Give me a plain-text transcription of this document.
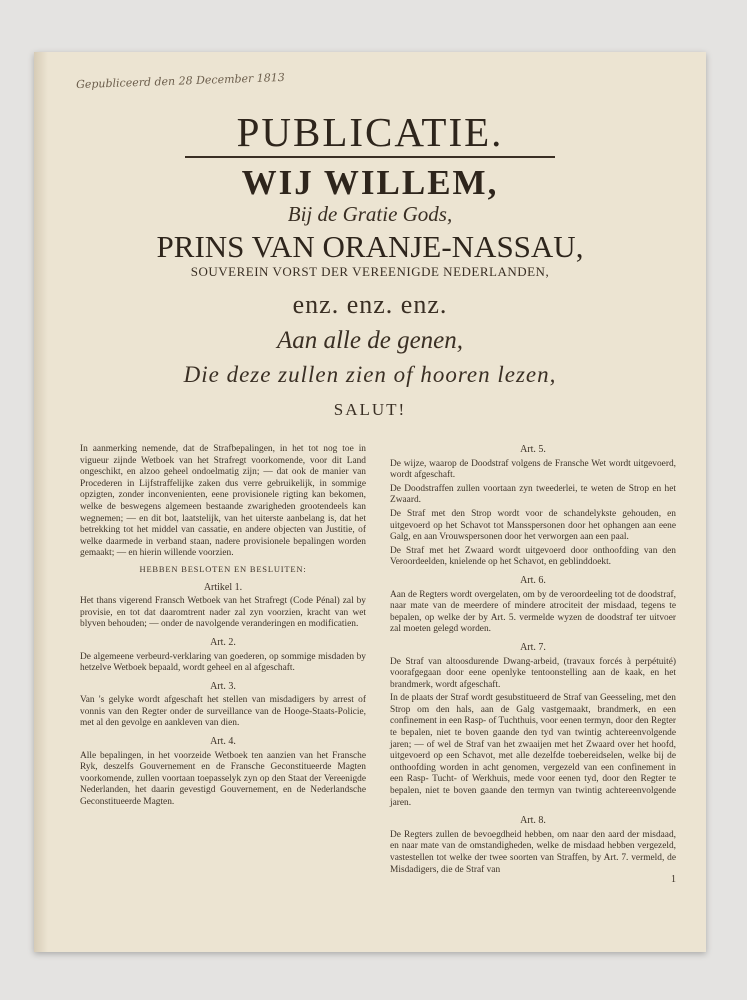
Gepubliceerd den 28 December 1813
PUBLICATIE.
WIJ WILLEM,
Bij de Gratie Gods,
PRINS VAN ORANJE-NASSAU,
SOUVEREIN VORST DER VEREENIGDE NEDERLANDEN,
enz. enz. enz.
Aan alle de genen,
Die deze zullen zien of hooren lezen,
SALUT!

In aanmerking nemende, dat de Strafbepalingen, in het tot nog toe in vigueur zijnde Wetboek van het Strafregt voorkomende, voor dit Land ongeschikt, en alzoo geheel ondoelmatig zijn; — dat ook de manier van Procederen in Lijfstraffelijke zaken dus verre gebruikelijk, in sommige opzigten, zonder inconvenienten, eene provisionele rigting kan bekomen, welke de beswegens algemeen bestaande zwarigheden grootendeels kan wegnemen; — en dit bot, laatstelijk, van het uiterste aanbelang is, dat het betrekking tot het middel van cassatie, en andere objecten van Justitie, of welke daarmede in verband staan, nadere provisionele bepalingen worden gemaakt; — en hierin willende voorzien.

HEBBEN BESLOTEN EN BESLUITEN:
Artikel 1.

Het thans vigerend Fransch Wetboek van het Strafregt (Code Pénal) zal by provisie, en tot dat daaromtrent nader zal zyn voorzien, kracht van wet blyven behouden; — onder de navolgende veranderingen en modificatien.

Art. 2.

De algemeene verbeurd-verklaring van goederen, op sommige misdaden by hetzelve Wetboek bepaald, wordt geheel en al afgeschaft.

Art. 3.

Van 's gelyke wordt afgeschaft het stellen van misdadigers by arrest of vonnis van den Regter onder de surveillance van de Hooge-Staats-Policie, met al den gevolge en aankleven van dien.

Art. 4.

Alle bepalingen, in het voorzeide Wetboek ten aanzien van het Fransche Ryk, deszelfs Gouvernement en de Fransche Geconstitueerde Magten voorkomende, zullen voortaan toepasselyk zyn op den Staat der Vereenigde Nederlanden, het daarin gevestigd Gouvernement, en de Nederlandsche Geconstitueerde Magten.

Art. 5.

De wijze, waarop de Doodstraf volgens de Fransche Wet wordt uitgevoerd, wordt afgeschaft.

De Doodstraffen zullen voortaan zyn tweederlei, te weten de Strop en het Zwaard.

De Straf met den Strop wordt voor de schandelykste gehouden, en uitgevoerd op het Schavot tot Mansspersonen door het ophangen aan eene Galg, en aan Vrouwspersonen door het verworgen aan een paal.

De Straf met het Zwaard wordt uitgevoerd door onthoofding van den Veroordeelden, knielende op het Schavot, en geblinddoekt.

Art. 6.

Aan de Regters wordt overgelaten, om by de veroordeeling tot de doodstraf, naar mate van de meerdere of mindere atrociteit der misdaad, tegens te bepalen, op welke der by Art. 5. vermelde wyzen de doodstraf ter uitvoer zal moeten gelegd worden.

Art. 7.

De Straf van altoosdurende Dwang-arbeid, (travaux forcés à perpétuité) voorafgegaan door eene openlyke tentoonstelling aan de kaak, en het brandmerk, wordt afgeschaft.

In de plaats der Straf wordt gesubstitueerd de Straf van Geesseling, met den Strop om den hals, aan de Galg vastgemaakt, brandmerk, en een confinement in een Rasp- of Tuchthuis, voor eenen termyn, door den Regter te bepalen, niet te boven gaande den tyd van twintig achtereenvolgende jaren; — of wel de Straf van het zwaaijen met het Zwaard over het hoofd, uitgevoerd op een Schavot, met alle dezelfde toebereidselen, welke bij de onthoofding worden in acht genomen, vergezeld van een confinement in een Rasp- Tucht- of Werkhuis, mede voor eenen tyd, door den Regter te bepalen, niet te boven gaande den termyn van twintig achtereenvolgende jaren.

Art. 8.

De Regters zullen de bevoegdheid hebben, om naar den aard der misdaad, en naar mate van de omstandigheden, welke de misdaad hebben vergezeld, vastestellen tot welke der twee soorten van Straffen, by Art. 7. vermeld, de Misdadigers, die de Straf van

1
